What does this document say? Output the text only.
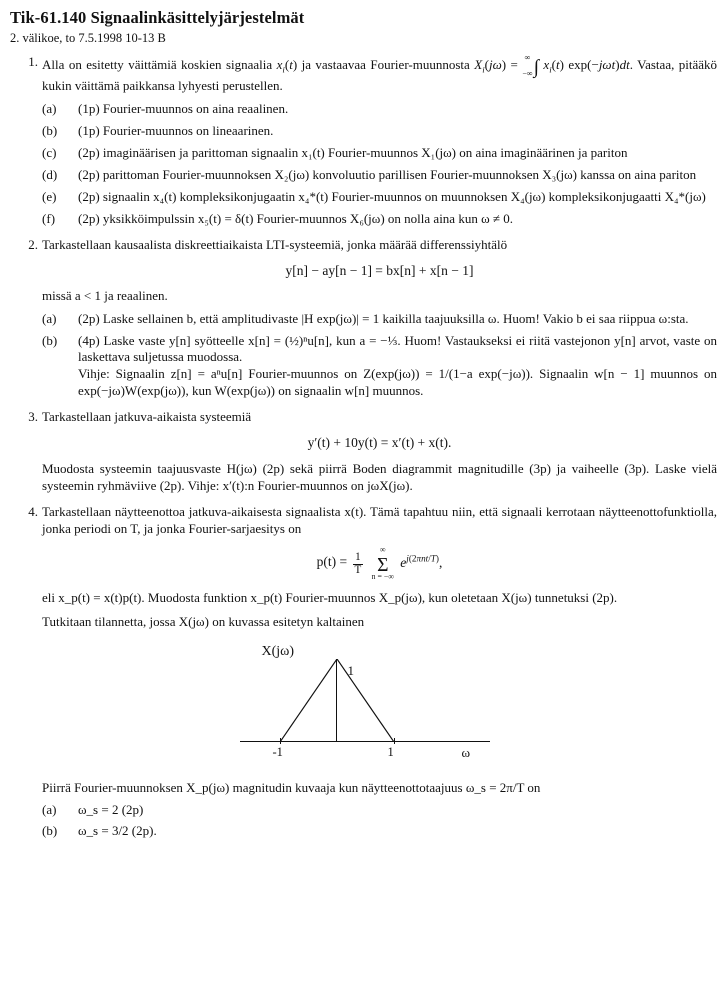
Tik-61.140 Signaalinkäsittelyjärjestelmät
2. välikoe, to 7.5.1998 10-13 B
Alla on esitetty väittämiä koskien signaalia $x_i(t)$ ja vastaavaa Fourier-muunnosta $X_i(j\omega)$ = ∞

−∞ ∫ $x_i(t)$ exp(−jωt)dt. Vastaa, pitääkö kukin väittämä paikkansa lyhyesti perustellen.
(1p) Fourier-muunnos on aina reaalinen.
(1p) Fourier-muunnos on lineaarinen.
(2p) imaginäärisen ja parittoman signaalin x₁(t) Fourier-muunnos X₁(jω) on aina imaginäärinen ja pariton
(2p) parittoman Fourier-muunnoksen X₂(jω) konvoluutio parillisen Fourier-muunnoksen X₃(jω) kanssa on aina pariton
(2p) signaalin x₄(t) kompleksikonjugaatin x₄*(t) Fourier-muunnos on muunnoksen X₄(jω) kompleksikonjugaatti X₄*(jω)
(2p) yksikköimpulssin x₅(t) = δ(t) Fourier-muunnos X₆(jω) on nolla aina kun ω ≠ 0.
Tarkastellaan kausaalista diskreettiaikaista LTI-systeemiä, jonka määrää differenssiyhtälö
y[n] − ay[n − 1] = bx[n] + x[n − 1]
missä a < 1 ja reaalinen.
(2p) Laske sellainen b, että amplitudivaste |H exp(jω)| = 1 kaikilla taajuuksilla ω. Huom! Vakio b ei saa riippua ω:sta.
(4p) Laske vaste y[n] syötteelle x[n] = (½)ⁿu[n], kun a = −⅓. Huom! Vastaukseksi ei riitä vastejonon y[n] arvot, vaste on laskettava suljetussa muodossa.
Vihje: Signaalin z[n] = aⁿu[n] Fourier-muunnos on Z(exp(jω)) = 1/(1−a exp(−jω)). Signaalin w[n − 1] muunnos on exp(−jω)W(exp(jω)), kun W(exp(jω)) on signaalin w[n] muunnos.
Tarkastellaan jatkuva-aikaista systeemiä
y′(t) + 10y(t) = x′(t) + x(t).
Muodosta systeemin taajuusvaste H(jω) (2p) sekä piirrä Boden diagrammit magnitudille (3p) ja vaiheelle (3p). Laske vielä systeemin ryhmäviive (2p). Vihje: x′(t):n Fourier-muunnos on jωX(jω).
Tarkastellaan näytteenottoa jatkuva-aikaisesta signaalista x(t). Tämä tapahtuu niin, että signaali kerrotaan näytteenottofunktiolla, jonka periodi on T, ja jonka Fourier-sarjaesitys on
$p(t) = \frac{1}{T}$

∞
Σ
n = −∞
$e^{j(2\pi nt/T)}$,
eli x_p(t) = x(t)p(t). Muodosta funktion x_p(t) Fourier-muunnos X_p(jω), kun oletetaan X(jω) tunnetuksi (2p).
Tutkitaan tilannetta, jossa X(jω) on kuvassa esitetyn kaltainen
X(jω)
1
-1	1	ω
Piirrä Fourier-muunnoksen X_p(jω) magnitudin kuvaaja kun näytteenottotaajuus ω_s = 2π/T on
ω_s = 2 (2p)
ω_s = 3/2 (2p).
